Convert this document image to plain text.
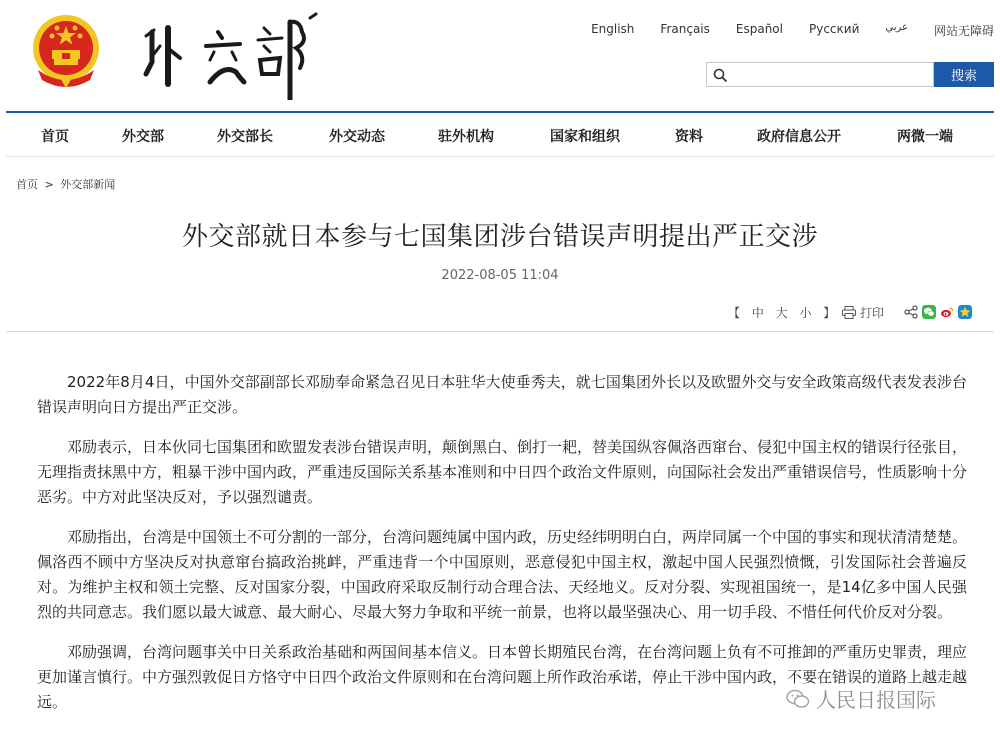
English Français Español Русский	عربي 网站无障碍
搜索
首页	外交部	外交部长	外交动态	驻外机构	国家和组织	资料	政府信息公开	两微一端
首页 > 外交部新闻
外交部就日本参与七国集团涉台错误声明提出严正交涉
2022-08-05 11:04
【 中 大 小 】 打印

2022年8月4日，中国外交部副部长邓励奉命紧急召见日本驻华大使垂秀夫，就七国集团外长以及欧盟外交与安全政策高级代表发表涉台错误声明向日方提出严正交涉。

邓励表示，日本伙同七国集团和欧盟发表涉台错误声明，颠倒黑白、倒打一耙，替美国纵容佩洛西窜台、侵犯中国主权的错误行径张目，无理指责抹黑中方，粗暴干涉中国内政，严重违反国际关系基本准则和中日四个政治文件原则，向国际社会发出严重错误信号，性质影响十分恶劣。中方对此坚决反对，予以强烈谴责。

邓励指出，台湾是中国领土不可分割的一部分，台湾问题纯属中国内政，历史经纬明明白白，两岸同属一个中国的事实和现状清清楚楚。佩洛西不顾中方坚决反对执意窜台搞政治挑衅，严重违背一个中国原则，恶意侵犯中国主权，激起中国人民强烈愤慨，引发国际社会普遍反对。为维护主权和领土完整、反对国家分裂，中国政府采取反制行动合理合法、天经地义。反对分裂、实现祖国统一，是14亿多中国人民强烈的共同意志。我们愿以最大诚意、最大耐心、尽最大努力争取和平统一前景，也将以最坚强决心、用一切手段、不惜任何代价反对分裂。

邓励强调，台湾问题事关中日关系政治基础和两国间基本信义。日本曾长期殖民台湾，在台湾问题上负有不可推卸的严重历史罪责，理应更加谨言慎行。中方强烈敦促日方恪守中日四个政治文件原则和在台湾问题上所作政治承诺，停止干涉中国内政，不要在错误的道路上越走越远。	人民日报国际
